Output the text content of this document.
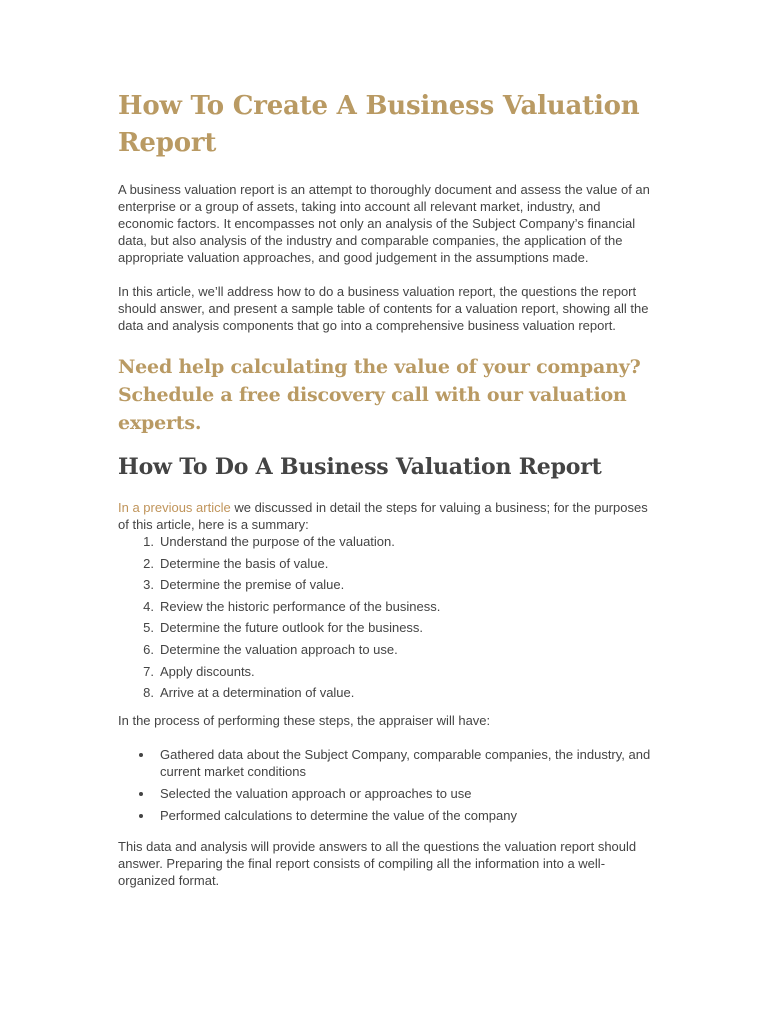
How To Create A Business Valuation Report

A business valuation report is an attempt to thoroughly document and assess the value of an enterprise or a group of assets, taking into account all relevant market, industry, and economic factors. It encompasses not only an analysis of the Subject Company’s financial data, but also analysis of the industry and comparable companies, the application of the appropriate valuation approaches, and good judgement in the assumptions made.

In this article, we’ll address how to do a business valuation report, the questions the report should answer, and present a sample table of contents for a valuation report, showing all the data and analysis components that go into a comprehensive business valuation report.

Need help calculating the value of your company? Schedule a free discovery call with our valuation experts.
How To Do A Business Valuation Report

In a previous article we discussed in detail the steps for valuing a business; for the purposes of this article, here is a summary:

Understand the purpose of the valuation.
Determine the basis of value.
Determine the premise of value.
Review the historic performance of the business.
Determine the future outlook for the business.
Determine the valuation approach to use.
Apply discounts.
Arrive at a determination of value.

In the process of performing these steps, the appraiser will have:

Gathered data about the Subject Company, comparable companies, the industry, and current market conditions
Selected the valuation approach or approaches to use
Performed calculations to determine the value of the company

This data and analysis will provide answers to all the questions the valuation report should answer. Preparing the final report consists of compiling all the information into a well-organized format.
